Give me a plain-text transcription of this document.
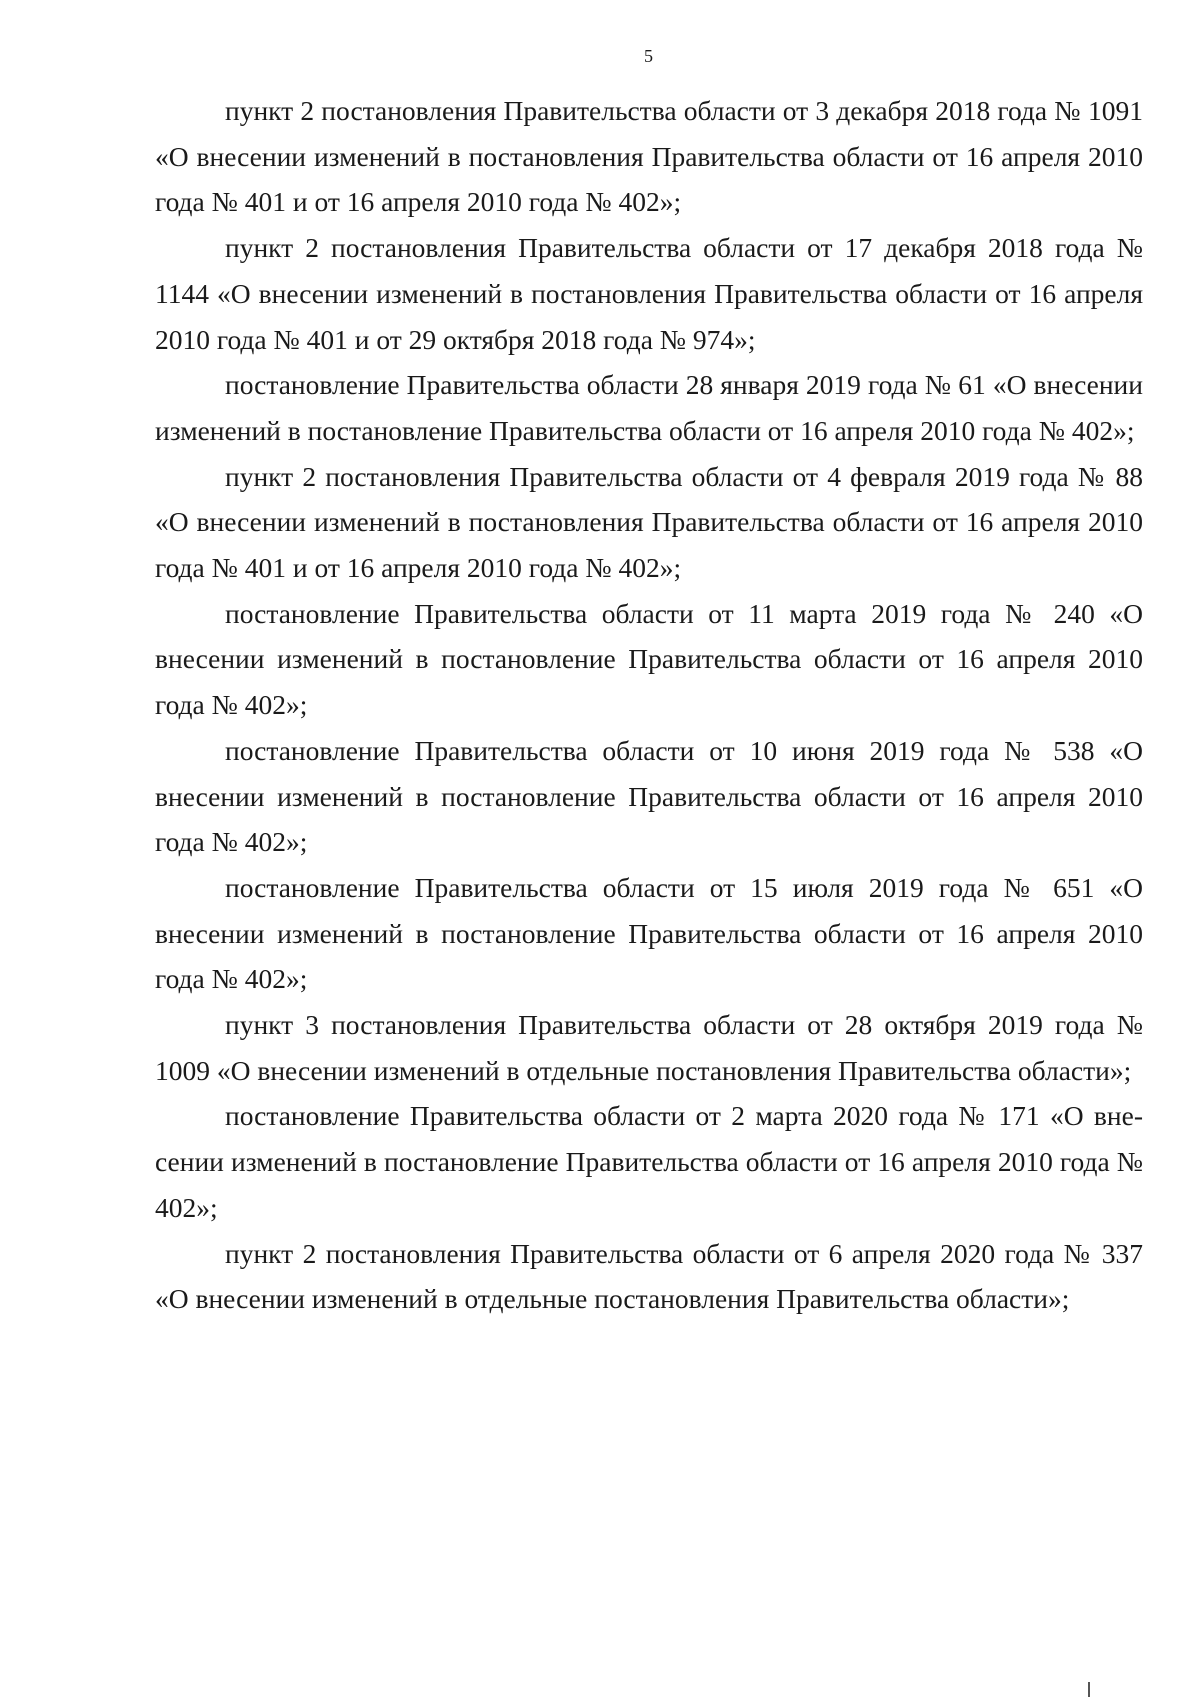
5

пункт 2 постановления Правительства области от 3 декабря 2018 года № 1091 «О внесении изменений в постановления Правительства области от 16 апреля 2010 года № 401 и от 16 апреля 2010 года № 402»;

пункт 2 постановления Правительства области от 17 декабря 2018 года № 1144 «О внесении изменений в постановления Правительства области от 16 апреля 2010 года № 401 и от 29 октября 2018 года № 974»;

постановление Правительства области 28 января 2019 года № 61 «О внесении изменений в постановление Правительства области от 16 апреля 2010 года № 402»;

пункт 2 постановления Правительства области от 4 февраля 2019 года № 88 «О внесении изменений в постановления Правительства области от 16 апреля 2010 года № 401 и от 16 апреля 2010 года № 402»;

постановление Правительства области от 11 марта 2019 года № 240 «О внесении изменений в постановление Правительства области от 16 апреля 2010 года № 402»;

постановление Правительства области от 10 июня 2019 года № 538 «О внесении изменений в постановление Правительства области от 16 апреля 2010 года № 402»;

постановление Правительства области от 15 июля 2019 года № 651 «О внесении изменений в постановление Правительства области от 16 апреля 2010 года № 402»;

пункт 3 постановления Правительства области от 28 октября 2019 года № 1009 «О внесении изменений в отдельные постановления Правительства области»;

постановление Правительства области от 2 марта 2020 года № 171 «О внесении изменений в постановление Правительства области от 16 апреля 2010 года № 402»;

пункт 2 постановления Правительства области от 6 апреля 2020 года № 337 «О внесении изменений в отдельные постановления Правительства области»;
